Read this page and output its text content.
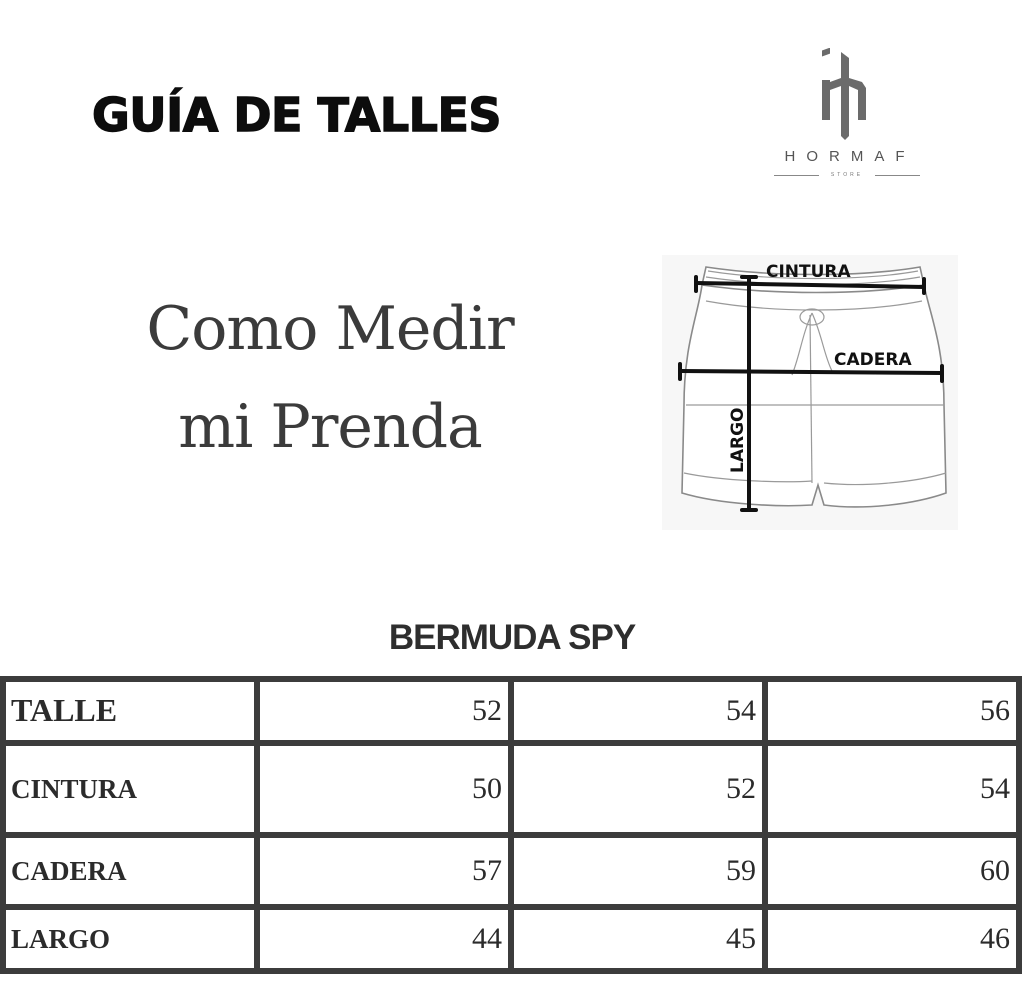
GUÍA DE TALLES
HORMAF
STORE
Como Medir
mi Prenda
CINTURA
CADERA
LARGO
BERMUDA SPY
TALLE	52	54	56
CINTURA	50	52	54
CADERA	57	59	60
LARGO	44	45	46
